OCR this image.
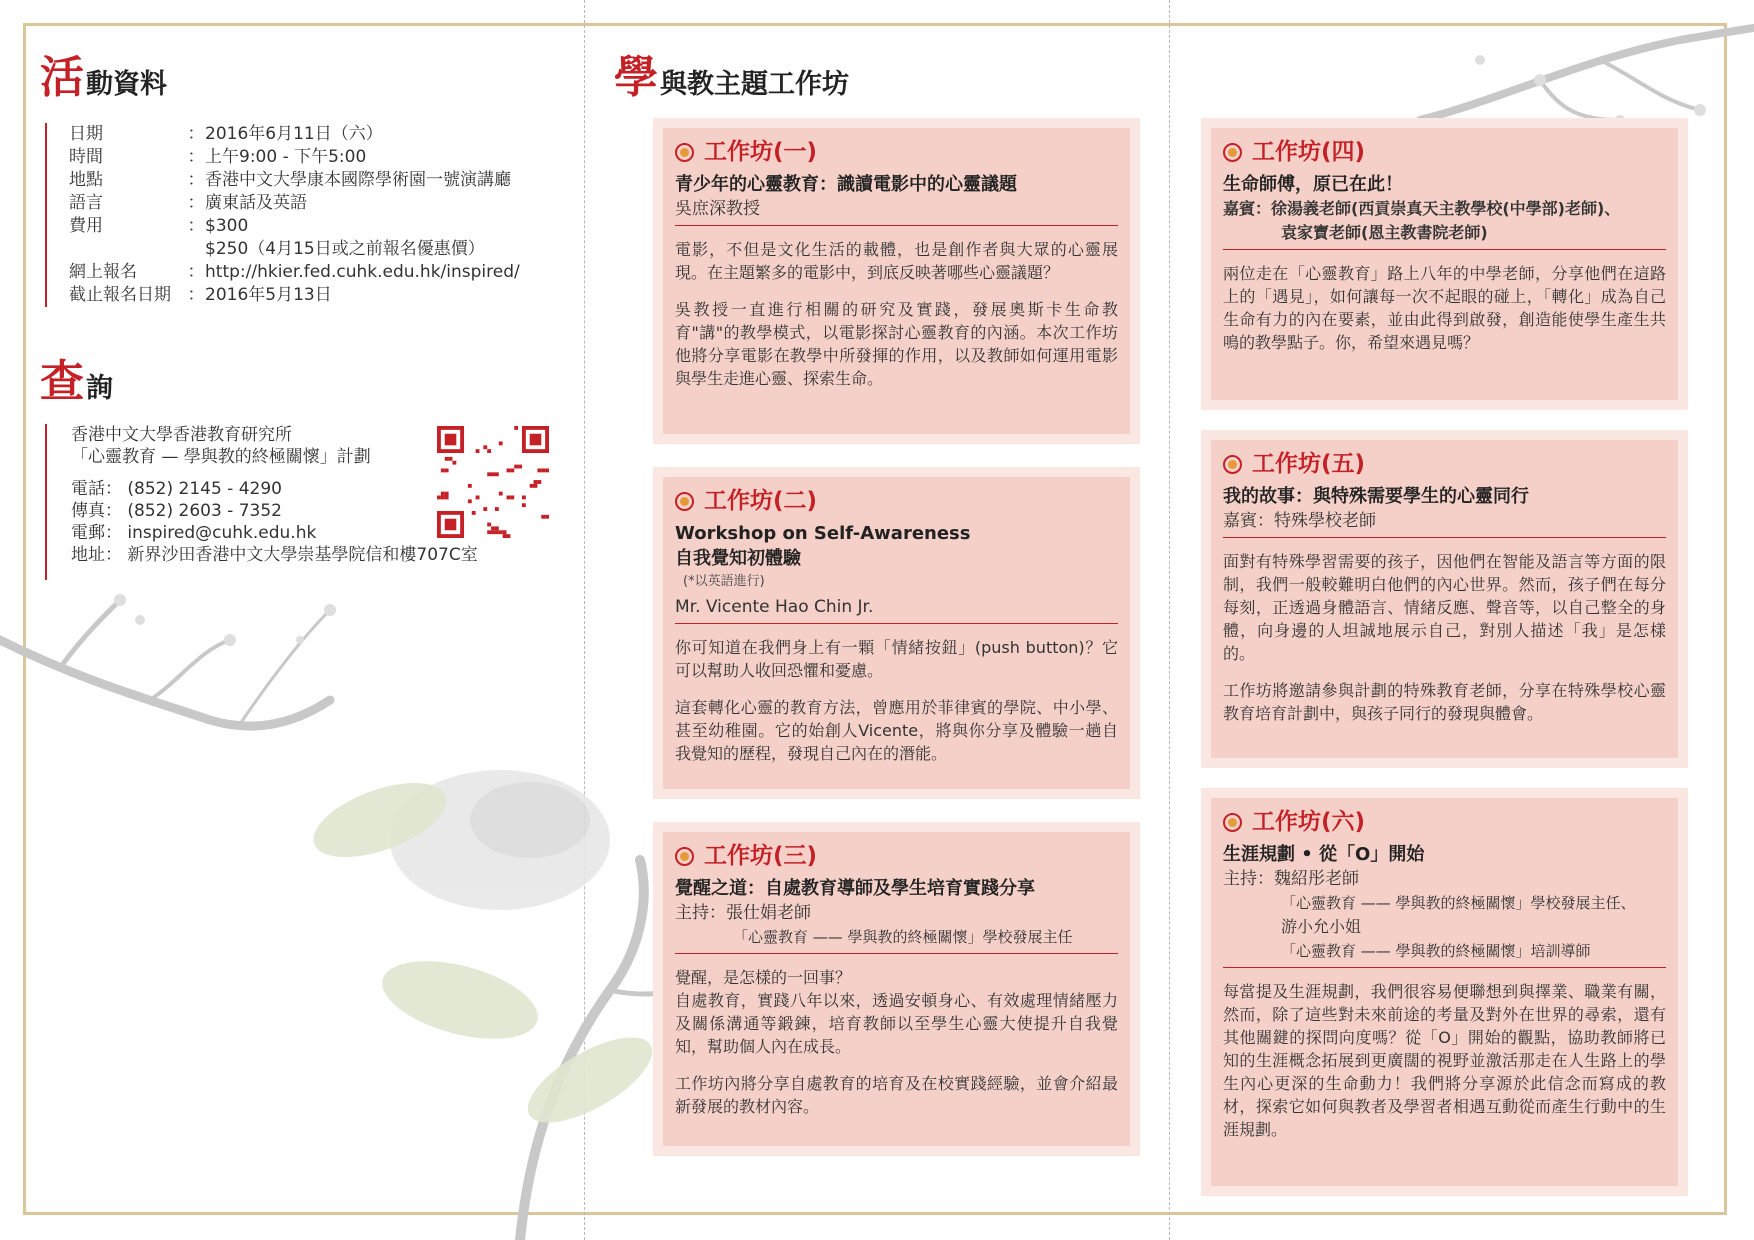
活 動資料
日期	： 2016年6月11日（六）
時間	： 上午9:00 - 下午5:00
地點	： 香港中文大學康本國際學術園一號演講廳
語言	： 廣東話及英語
費用	： $300
$250（4月15日或之前報名優惠價）
網上報名	： http://hkier.fed.cuhk.edu.hk/inspired/
截止報名日期 ： 2016年5月13日
查 詢

香港中文大學香港教育研究所

「心靈教育 — 學與教的終極關懷」計劃

電話： (852) 2145 - 4290

傳真： (852) 2603 - 7352

電郵： inspired@cuhk.edu.hk

地址： 新界沙田香港中文大學崇基學院信和樓707C室

學 與教主題工作坊
工作坊(一)
青少年的心靈教育：識讀電影中的心靈議題
吳庶深教授

電影，不但是文化生活的載體，也是創作者與大眾的心靈展現。在主題繁多的電影中，到底反映著哪些心靈議題？

吳教授一直進行相關的研究及實踐，發展奧斯卡生命教育"講"的教學模式，以電影探討心靈教育的內涵。本次工作坊他將分享電影在教學中所發揮的作用，以及教師如何運用電影與學生走進心靈、探索生命。

工作坊(二)
Workshop on Self-Awareness
自我覺知初體驗
(*以英語進行)
Mr. Vicente Hao Chin Jr.

你可知道在我們身上有一顆「情緒按鈕」(push button)？它可以幫助人收回恐懼和憂慮。

這套轉化心靈的教育方法，曾應用於菲律賓的學院、中小學、甚至幼稚園。它的始創人Vicente，將與你分享及體驗一趟自我覺知的歷程，發現自己內在的潛能。

工作坊(三)
覺醒之道：自處教育導師及學生培育實踐分享
主持：張仕娟老師
「心靈教育 —— 學與教的終極關懷」學校發展主任

覺醒，是怎樣的一回事？

自處教育，實踐八年以來，透過安頓身心、有效處理情緒壓力及關係溝通等鍛鍊，培育教師以至學生心靈大使提升自我覺知，幫助個人內在成長。

工作坊內將分享自處教育的培育及在校實踐經驗，並會介紹最新發展的教材內容。

工作坊(四)
生命師傅，原已在此！
嘉賓：徐湯義老師(西貢崇真天主教學校(中學部)老師)、
袁家寶老師(恩主教書院老師)

兩位走在「心靈教育」路上八年的中學老師，分享他們在這路上的「遇見」，如何讓每一次不起眼的碰上，「轉化」成為自己生命有力的內在要素，並由此得到啟發，創造能使學生產生共鳴的教學點子。你，希望來遇見嗎？

工作坊(五)
我的故事：與特殊需要學生的心靈同行
嘉賓：特殊學校老師

面對有特殊學習需要的孩子，因他們在智能及語言等方面的限制，我們一般較難明白他們的內心世界。然而，孩子們在每分每刻，正透過身體語言、情緒反應、聲音等，以自己整全的身體，向身邊的人坦誠地展示自己，對別人描述「我」是怎樣的。

工作坊將邀請參與計劃的特殊教育老師，分享在特殊學校心靈教育培育計劃中，與孩子同行的發現與體會。

工作坊(六)
生涯規劃 • 從「O」開始
主持：魏紹彤老師
「心靈教育 —— 學與教的終極關懷」學校發展主任、
游小允小姐
「心靈教育 —— 學與教的終極關懷」培訓導師

每當提及生涯規劃，我們很容易便聯想到與擇業、職業有關，然而，除了這些對未來前途的考量及對外在世界的尋索，還有其他關鍵的探問向度嗎？從「O」開始的觀點，協助教師將已知的生涯概念拓展到更廣闊的視野並激活那走在人生路上的學生內心更深的生命動力！我們將分享源於此信念而寫成的教材，探索它如何與教者及學習者相遇互動從而產生行動中的生涯規劃。
